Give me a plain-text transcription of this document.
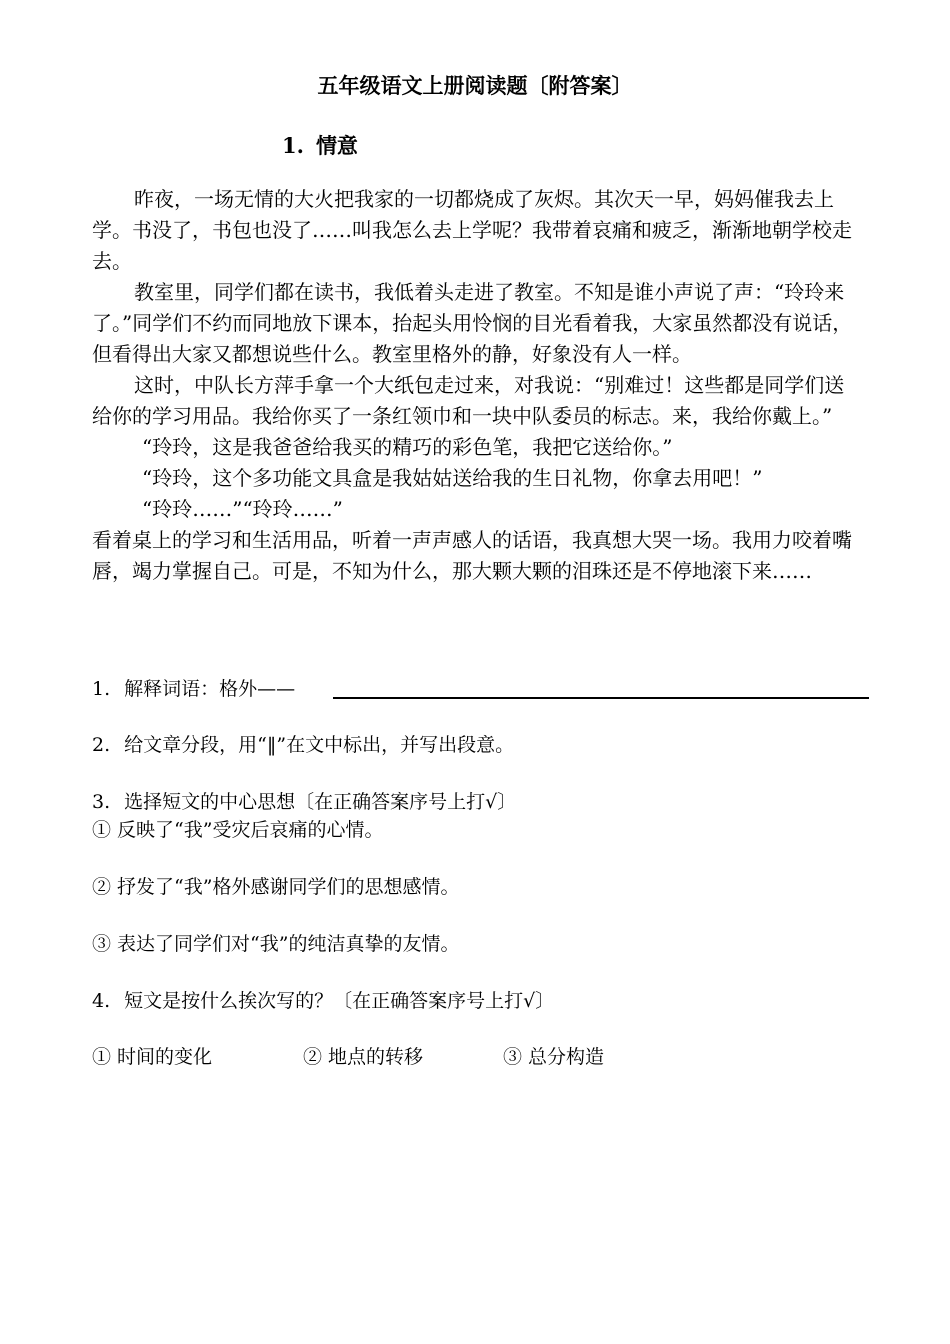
五年级语文上册阅读题〔附答案〕
1. 情意

昨夜，一场无情的大火把我家的一切都烧成了灰烬。其次天一早，妈妈催我去上学。书没了，书包也没了……叫我怎么去上学呢？我带着哀痛和疲乏，渐渐地朝学校走去。

教室里，同学们都在读书，我低着头走进了教室。不知是谁小声说了声：“玲玲来了。”同学们不约而同地放下课本，抬起头用怜悯的目光看着我，大家虽然都没有说话，但看得出大家又都想说些什么。教室里格外的静，好象没有人一样。

这时，中队长方萍手拿一个大纸包走过来，对我说：“别难过！这些都是同学们送给你的学习用品。我给你买了一条红领巾和一块中队委员的标志。来，我给你戴上。”

“玲玲，这是我爸爸给我买的精巧的彩色笔，我把它送给你。”

“玲玲，这个多功能文具盒是我姑姑送给我的生日礼物，你拿去用吧！”

“玲玲……”“玲玲……”

看着桌上的学习和生活用品，听着一声声感人的话语，我真想大哭一场。我用力咬着嘴唇，竭力掌握自己。可是，不知为什么，那大颗大颗的泪珠还是不停地滚下来……

1. 解释词语：格外——
2. 给文章分段，用“‖”在文中标出，并写出段意。
3. 选择短文的中心思想〔在正确答案序号上打√〕
① 反映了“我”受灾后哀痛的心情。
② 抒发了“我”格外感谢同学们的思想感情。
③ 表达了同学们对“我”的纯洁真挚的友情。
4. 短文是按什么挨次写的？〔在正确答案序号上打√〕
① 时间的变化	② 地点的转移	③ 总分构造
